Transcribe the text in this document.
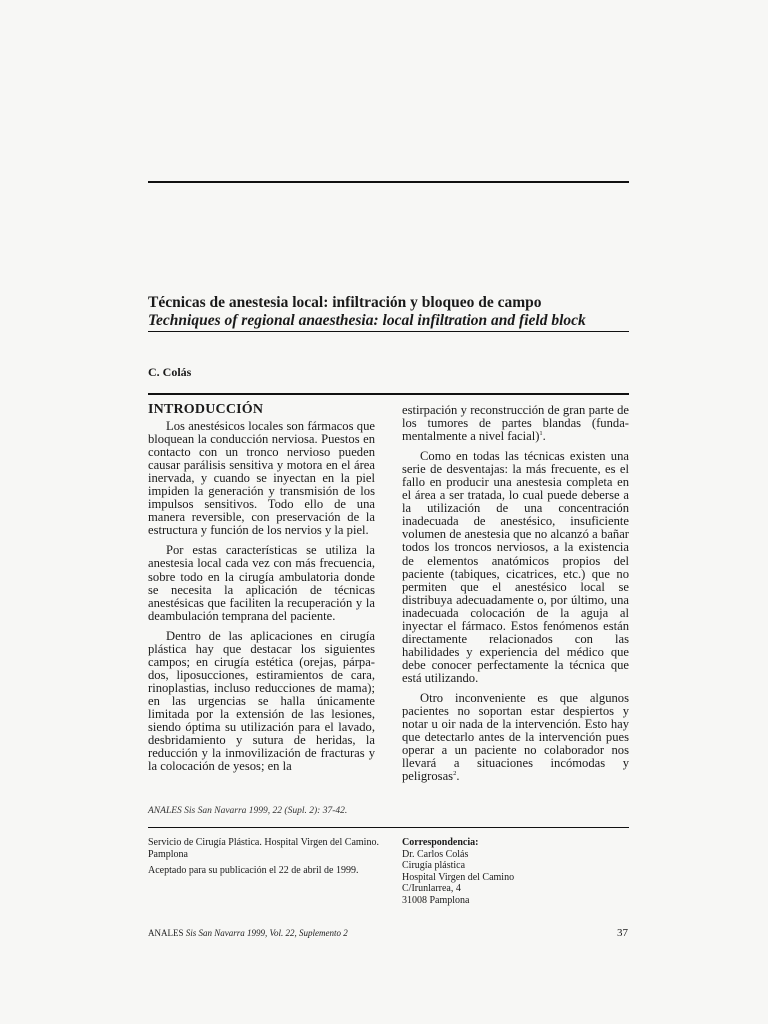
Técnicas de anestesia local: infiltración y bloqueo de campo
Techniques of regional anaesthesia: local infiltration and field block
C. Colás
INTRODUCCIÓN

Los anestésicos locales son fármacos que bloquean la conducción nerviosa. Puestos en contacto con un tronco nervioso pueden causar parálisis sensitiva y motora en el área inervada, y cuando se inyectan en la piel impiden la generación y transmisión de los impulsos sensitivos. Todo ello de una manera reversible, con preservación de la estructura y función de los nervios y la piel.

Por estas características se utiliza la anestesia local cada vez con más frecuencia, sobre todo en la cirugía ambulatoria donde se necesita la aplicación de técnicas anestésicas que faciliten la recuperación y la deambulación temprana del paciente.

Dentro de las aplicaciones en cirugía plástica hay que destacar los siguientes campos; en cirugía estética (orejas, párpados, liposucciones, estiramientos de cara, rinoplastias, incluso reducciones de mama); en las urgencias se halla únicamente limitada por la extensión de las lesiones, siendo óptima su utilización para el lavado, desbridamiento y sutura de heridas, la reducción y la inmovilización de fracturas y la colocación de yesos; en la

estirpación y reconstrucción de gran parte de los tumores de partes blandas (fundamentalmente a nivel facial)$^1$.

Como en todas las técnicas existen una serie de desventajas: la más frecuente, es el fallo en producir una anestesia completa en el área a ser tratada, lo cual puede deberse a la utilización de una concentración inadecuada de anestésico, insuficiente volumen de anestesia que no alcanzó a bañar todos los troncos nerviosos, a la existencia de elementos anatómicos propios del paciente (tabiques, cicatrices, etc.) que no permiten que el anestésico local se distribuya adecuadamente o, por último, una inadecuada colocación de la aguja al inyectar el fármaco. Estos fenómenos están directamente relacionados con las habilidades y experiencia del médico que debe conocer perfectamente la técnica que está utilizando.

Otro inconveniente es que algunos pacientes no soportan estar despiertos y notar u oir nada de la intervención. Esto hay que detectarlo antes de la intervención pues operar a un paciente no colaborador nos llevará a situaciones incómodas y peligrosas$^2$.

ANALES Sis San Navarra 1999, 22 (Supl. 2): 37-42.

Servicio de Cirugía Plástica. Hospital Virgen del Camino. Pamplona

Aceptado para su publicación el 22 de abril de 1999.

Correspondencia:
Dr. Carlos Colás
Cirugía plástica
Hospital Virgen del Camino
C/Irunlarrea, 4
31008 Pamplona
ANALES Sis San Navarra 1999, Vol. 22, Suplemento 2	37
